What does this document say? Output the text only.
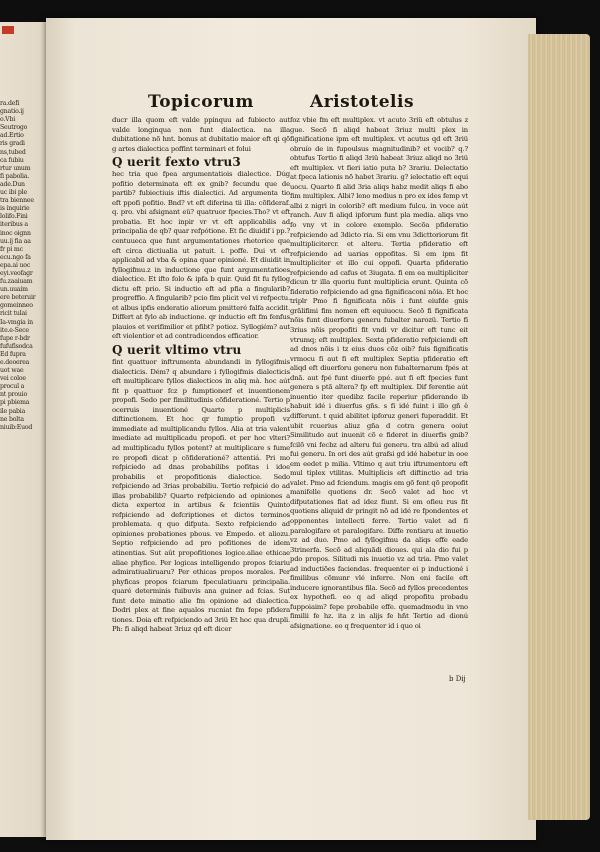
ra.defi
gnatio.ij
o.Vbi
Seutrogo
ad.Ertio
ris gradi
ns,tubed
ca fubiu
rtur unum
fi pabolia.
ade.Dun
uc ibi ple
tra biennee
is inquirie
lolifo.Fini
iteribus a
inoc oignn
uu.ij fia aa
fr pi mc
ecu.ngo fa
epa.ai uoc
eyi.veofagr
fu.zaaiuam
un.uuaim
ere beteruir
gomeinneo
ricit tulai
Ia-vmgia in
ite.e-Sece
fupe r-bdr
fufufisodca
Ed fupra
e.deoerea
uot wae
vei coloe
procul a
nt prouio
pi pbiema
ile pabia
ne bolta
niuib:Euod
Topicorum	Aristotelis

ducr illa quom eft valde ppinquu ad fubiecto aut valde longinqua non funt dialectica. na illa dubitatione nõ hnt. bonus at dubitatio maior eft qi qõ g artes dialectica poffint terminari et folui

Q uerit fexto vtru3

hec tria que fpea argumentatiois dialectice. Dúg pofitio determinata eft ex gnib? fecundu que de partib? fubiectiuis iftis dialectici. Ad argumenta tio eft ppofi pofitio. Bnd? vt eft diferina tii illa: cõfideraf. q. pro. vbi afsignant eü? quatruor fpecies.Tho? vt eft probatia. Et hoc inpir vr vt eft applicabilis ad principalia de qb? quar refpótione. Et fic diuidif i pp.? centuueca que funt argumentationes rhetorice que eft circa dictiualia ut patuit. i. poffe. Dui vt eft applicabil ad vba & opina quar opinioné. Et diuidit in fyllogifmu.z in inductione que funt argumentatioes dialectice. Et ifto folo & ipfa b quir. Quid fit fu fyllog dictu eft prio. Si inductio eft ad pfia a fingularib? progreffio. A fingularib? pcio fim plicit vel vi refpectu. et albus ipfis enderatio aliorum pmitteré falfa accidit. Differt at fylo ab inductione. qr inductio eft fm fenfus plauios et verifimilior et pfibt? potioz. Syllogiém? aut eft violentior et ad contradicendos efficatior.

Q uerit vltimo vtru

fint quattuor inftrumenta abundandi in fyllogifmis dialecticis. Dém? q abundare i fyllogifmis dialecticis eft multiplicare fyllos dialecticos in aliq mà. hoc aút fit p quattuor fcz p fumptionerf et inuentionem propofi. Sedo per fimilitudinis cõfiderationé. Tertio p ocerruis inuentioné Quarto p multiplicis diftinctionem. Et hoc qr fumptio propofi vz immediate ad multiplicandu fyllos. Alia at tria valent imediate ad multiplicadu propofi. et per hoc vlteri? ad multiplicadu fyllos potent? at multiplicare s fume re propofi dicat p cõfiderationé? attentiá. Pri mo refpiciedo ad dnas probabilibs pofitas i idoe probabilis et propofitionis dialectice. Sedo refpiciendo ad 3rias probabiliu. Tertio refpicié do ad illas probabilib? Quarto refpiciendo ad opiniones a dicta expertoz in artibus & fcientiis Quinto refpiciendo ad defcriptiones et dictos terminos problemata. q quo difputa. Sexto refpiciendo ad opiniones probationes pbous. ve Empedo. et aliozu. Septio refpiciendo ad pro pofitiones de idem atinentias. Sut aût propofitiones logice.aliae ethicae aliae phyfice. Per logicas intelligendo propos fciariu admiratiualiruaru? Per ethicas propos morales. Per phyficas propos fciarum fpeculatiuaru principalia. quaré determinis fuibuvis ana guiner ad fcias. Sut funt dete minatio alie fm opinione ad dialectica. Dodri plex at fine aqualos rucniat fm fepe pfidera tiones. Doia eft refpiciendo ad 3riü Et hoc qua drupli. Ph: fi aliqd habeat 3riuz qd eft dicer

foz vbie fm eft multiplex. vt acuto 3riü eft obtulus z gue. Secõ fi aliqd habeat 3riuz multi plex in fignificatione ipm eft multiplex. vt acutus qd eft 3riü obruío de in fupoulsus magnitudinib? et vocib? q.? obtufus Tertio fi aliqd 3riü habeat 3riuz aliqd no 3riü eft multiplex. vt fieri iatio puta b? 3rariu. Delectatio at fpeca lationis nõ habet 3rariu. g? ielectatio eft equi uocu. Quarto fi alid 3ria aliqs habz medit aliqs fi abo fim multiplex. Albi? leno medius n pro ex ides femp vt albi z nigri in colorib? eft medium fulcu. in voce aút ranch. Auv fi aliqd ipforum funt pla media. aliqs vno fo vny vt in colore exemplo. Secõa pfideratio refpiciendo ad 3dicto ria. Si em vnu 3dicttoriorum fit multiplicitercr. et alteru. Tertia pfideratio eft refpiciendo ad uarias oppofitas. Si em ipm fit multipliciter et illo cui oppofi. Quarta pfideratio refpiciendo ad cafus et 3iugata. fi em ea multipliciter dicun tr illa quoriu funt multiplicia erunt. Quinta cõ fideratio refpiciendo ad gna fignificaconi nōia. Et hoc triplr Pmo fi fignificata nõis i funt eiufde gnis grãlifimi fim nomen eft equiuocu. Secõ fi fignificata nõis funt diuerforu generu fubalter narozü. Tertio fi 3rius nõis propofiti fit vndi vr dicitur eft tunc eit vtrumq; eft multiplex. Sexta pfideratio refpiciendi eft ad dnos nõis i tz eius duos cõz oib? fuis fignificatis vrmocu fi aut fi eft multiplex Septia pfideratio eft aliqd eft diuerforu generu non fubalternarum fpés at dnã. aut fpé funt diuerfe ppé. aut fi eft fpecies funt genera s ptã altera? fp eft multiplex. Dif ferentie aút inuentio iter quedibz facile reperiur pfiderando ib habuit idé i diuerfus gñs. s fi idé fuint i illo gñ ê differunt. t quid abilitet ipforuz generi fuperaddit. Et ubit rcuerius aliuz gña d cotra genera ooiut Similitudo aut inuenit cõ e fideret in diuerfis gnib? fcilõ vni fecbz ad alteru fui generu. tra albú ad aliud fui generu. In ori des aút grafsi gd idé habetur in ooe em eedet p milia. Vltimo q aut triu iftrumentoru eft mul tiplex vtilitas. Multiplicis eft diftinctio ad tria valet. Pmo ad fciendum. magis em gõ fent qõ propofit manifelle quotiens dr. Secõ valet ad hoc vt difputationes fiat ad idez fiunt. Si em ofieu rus fit quotiens aliquid dr pringit nõ ad idé re fpondentes et opponentes intellecti ferre. Tertio valet ad fi paralogifare et paralogifare. Diffe rentiaru at inuetio vz ad duo. Pmo ad fyllogifmu da aliqs effe eade 3trinerfa. Secõ ad aliquãdi dioues. qui ala dio fui p pdo propos. Silitudi nis inuetio vz ad tria. Pmo valet ad inductiões faciendas. frequenter ei p inductioné i fimilibus cõmunr vlé inferre. Non eni facile eft inducere ignorantibus fila. Secõ ad fyllos precedentes ex hypothefi. eo q ad aliqd propofitu probadu fuppoiaim? fepe probabile effe. quemadmodu in vno fimilii fe hz. ita z in alijs fe hñt Tertio ad dionú afsignatione. eo q frequenter id i quo oi

b Dij
